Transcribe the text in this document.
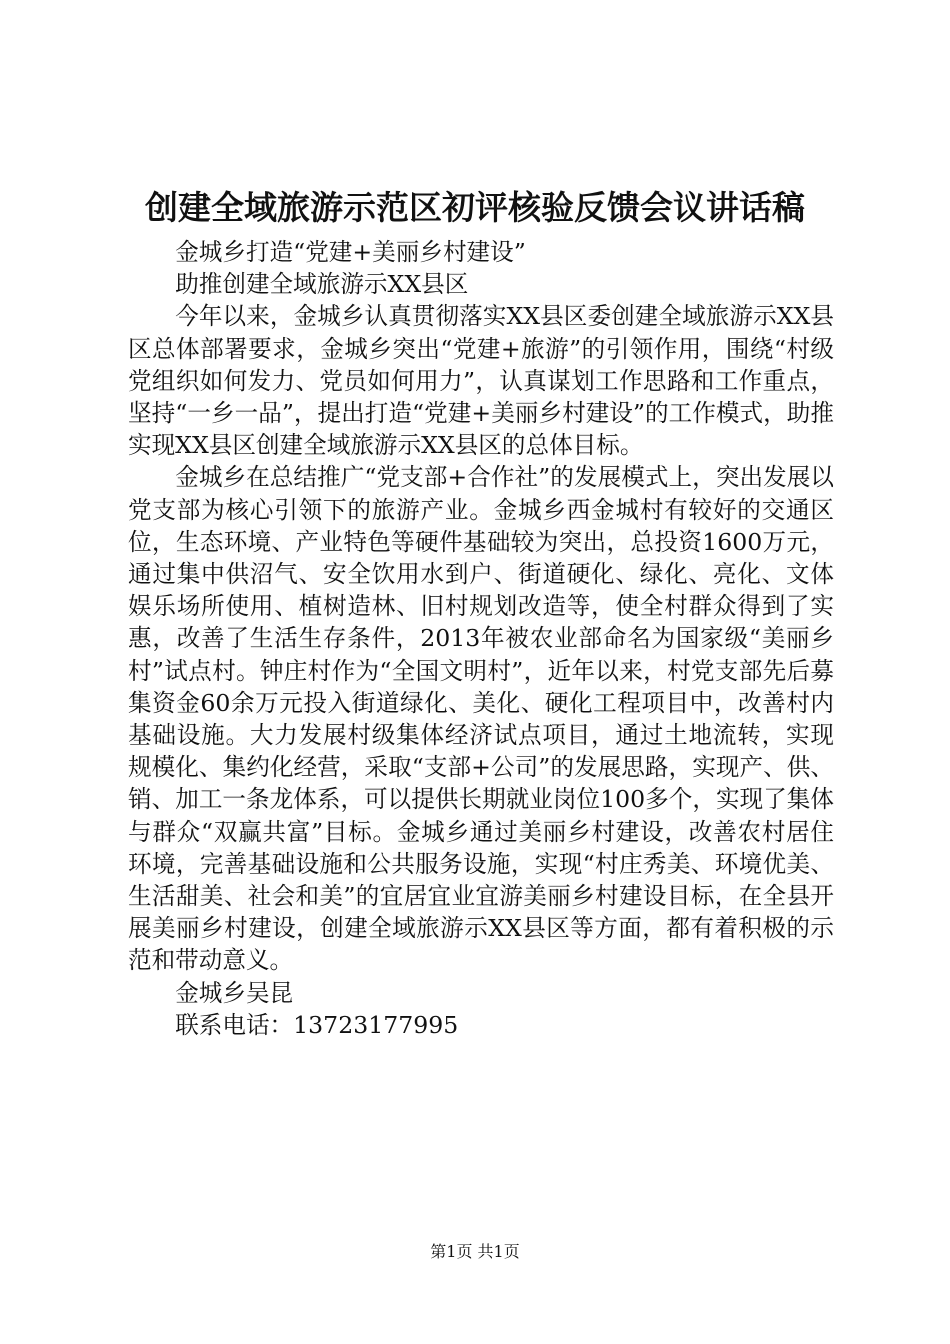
创建全域旅游示范区初评核验反馈会议讲话稿

金城乡打造“党建+美丽乡村建设”

助推创建全域旅游示XX县区

今年以来，金城乡认真贯彻落实XX县区委创建全域旅游示XX县区总体部署要求，金城乡突出“党建+旅游”的引领作用，围绕“村级党组织如何发力、党员如何用力”，认真谋划工作思路和工作重点，坚持“一乡一品”，提出打造“党建+美丽乡村建设”的工作模式，助推实现XX县区创建全域旅游示XX县区的总体目标。

金城乡在总结推广“党支部+合作社”的发展模式上，突出发展以党支部为核心引领下的旅游产业。金城乡西金城村有较好的交通区位，生态环境、产业特色等硬件基础较为突出，总投资1600万元，通过集中供沼气、安全饮用水到户、街道硬化、绿化、亮化、文体娱乐场所使用、植树造林、旧村规划改造等，使全村群众得到了实惠，改善了生活生存条件，2013年被农业部命名为国家级“美丽乡村”试点村。钟庄村作为“全国文明村”，近年以来，村党支部先后募集资金60余万元投入街道绿化、美化、硬化工程项目中，改善村内基础设施。大力发展村级集体经济试点项目，通过土地流转，实现规模化、集约化经营，采取“支部+公司”的发展思路，实现产、供、销、加工一条龙体系，可以提供长期就业岗位100多个，实现了集体与群众“双赢共富”目标。金城乡通过美丽乡村建设，改善农村居住环境，完善基础设施和公共服务设施，实现“村庄秀美、环境优美、生活甜美、社会和美”的宜居宜业宜游美丽乡村建设目标，在全县开展美丽乡村建设，创建全域旅游示XX县区等方面，都有着积极的示范和带动意义。

金城乡吴昆

联系电话：13723177995

第1页 共1页
